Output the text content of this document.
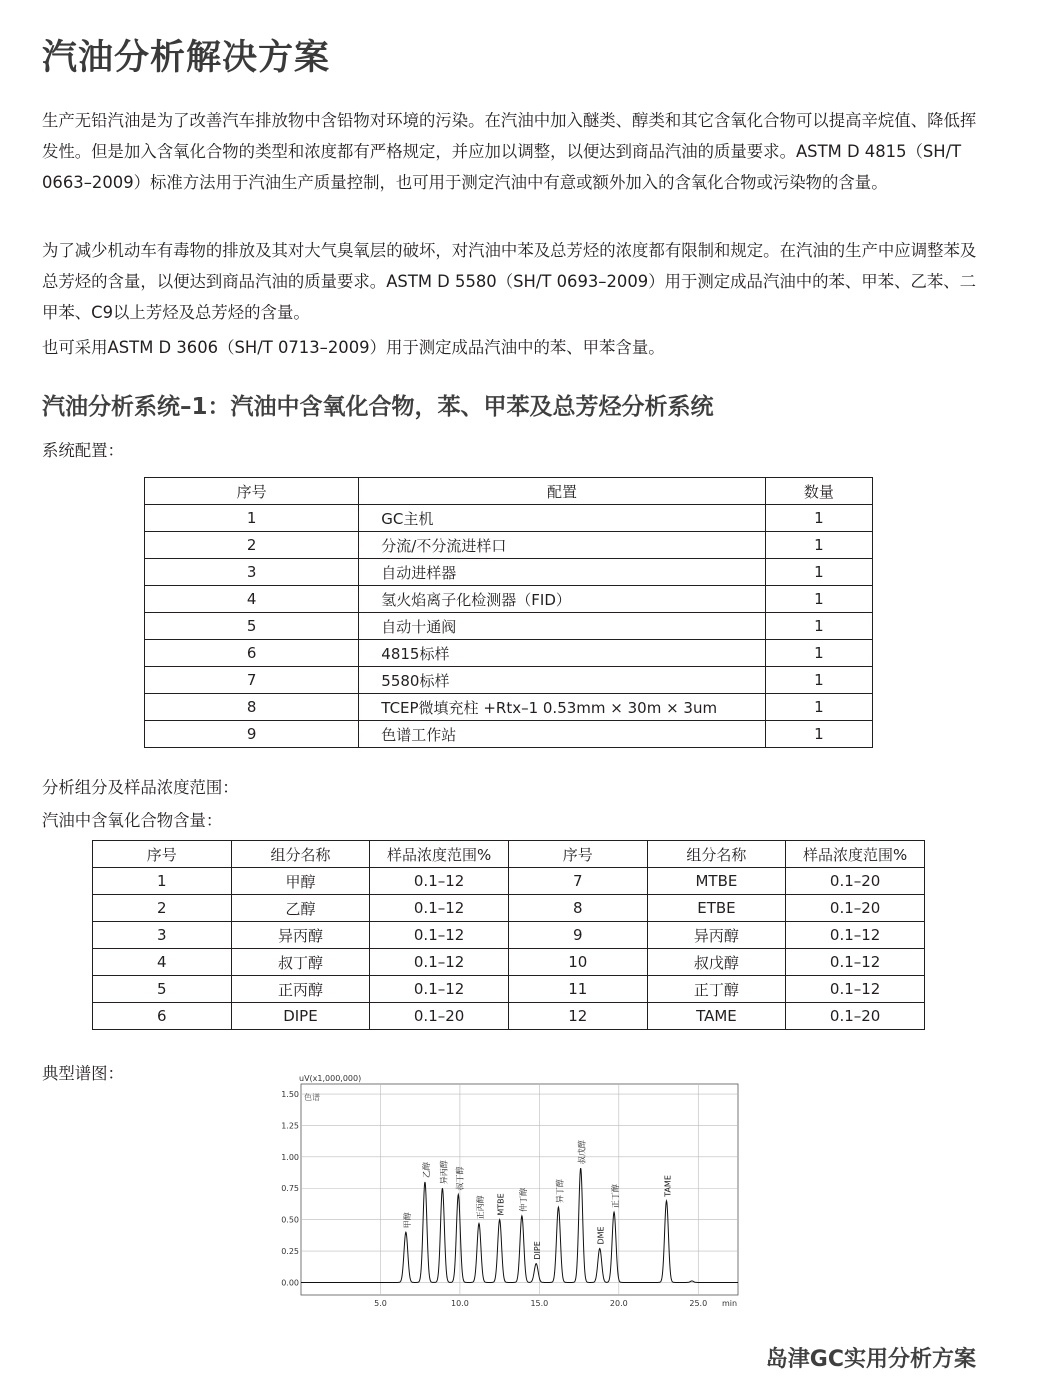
汽油分析解决方案

生产无铅汽油是为了改善汽车排放物中含铅物对环境的污染。在汽油中加入醚类、醇类和其它含氧化合物可以提高辛烷值、降低挥发性。但是加入含氧化合物的类型和浓度都有严格规定，并应加以调整，以便达到商品汽油的质量要求。ASTM D 4815（SH/T 0663–2009）标准方法用于汽油生产质量控制，也可用于测定汽油中有意或额外加入的含氧化合物或污染物的含量。

为了减少机动车有毒物的排放及其对大气臭氧层的破坏，对汽油中苯及总芳烃的浓度都有限制和规定。在汽油的生产中应调整苯及总芳烃的含量，以便达到商品汽油的质量要求。ASTM D 5580（SH/T 0693–2009）用于测定成品汽油中的苯、甲苯、乙苯、二甲苯、C9以上芳烃及总芳烃的含量。

也可采用ASTM D 3606（SH/T 0713–2009）用于测定成品汽油中的苯、甲苯含量。

汽油分析系统–1：汽油中含氧化合物，苯、甲苯及总芳烃分析系统
系统配置：
序号	配置	数量
1	GC主机	1
2	分流/不分流进样口	1
3	自动进样器	1
4	氢火焰离子化检测器（FID）	1
5	自动十通阀	1
6	4815标样	1
7	5580标样	1
8	TCEP微填充柱 +Rtx–1 0.53mm × 30m × 3um	1
9	色谱工作站	1
分析组分及样品浓度范围：
汽油中含氧化合物含量：
序号	组分名称	样品浓度范围%	序号	组分名称	样品浓度范围%
1	甲醇	0.1–12	7	MTBE	0.1–20
2	乙醇	0.1–12	8	ETBE	0.1–20
3	异丙醇	0.1–12	9	异丙醇	0.1–12
4	叔丁醇	0.1–12	10	叔戊醇	0.1–12
5	正丙醇	0.1–12	11	正丁醇	0.1–12
6	DIPE	0.1–20	12	TAME	0.1–20
典型谱图：
5.0	10.0	15.0	20.0	25.0
0.00
0.25
0.50
0.75
1.00
1.25
1.50
uV(x1,000,000)
色谱
min
甲醇
乙醇 异丙醇 叔丁醇
正丙醇 MTBE 仲丁醇
DIPE
异丁醇
叔戊醇
DME
正丁醇	TAME
岛津GC实用分析方案
